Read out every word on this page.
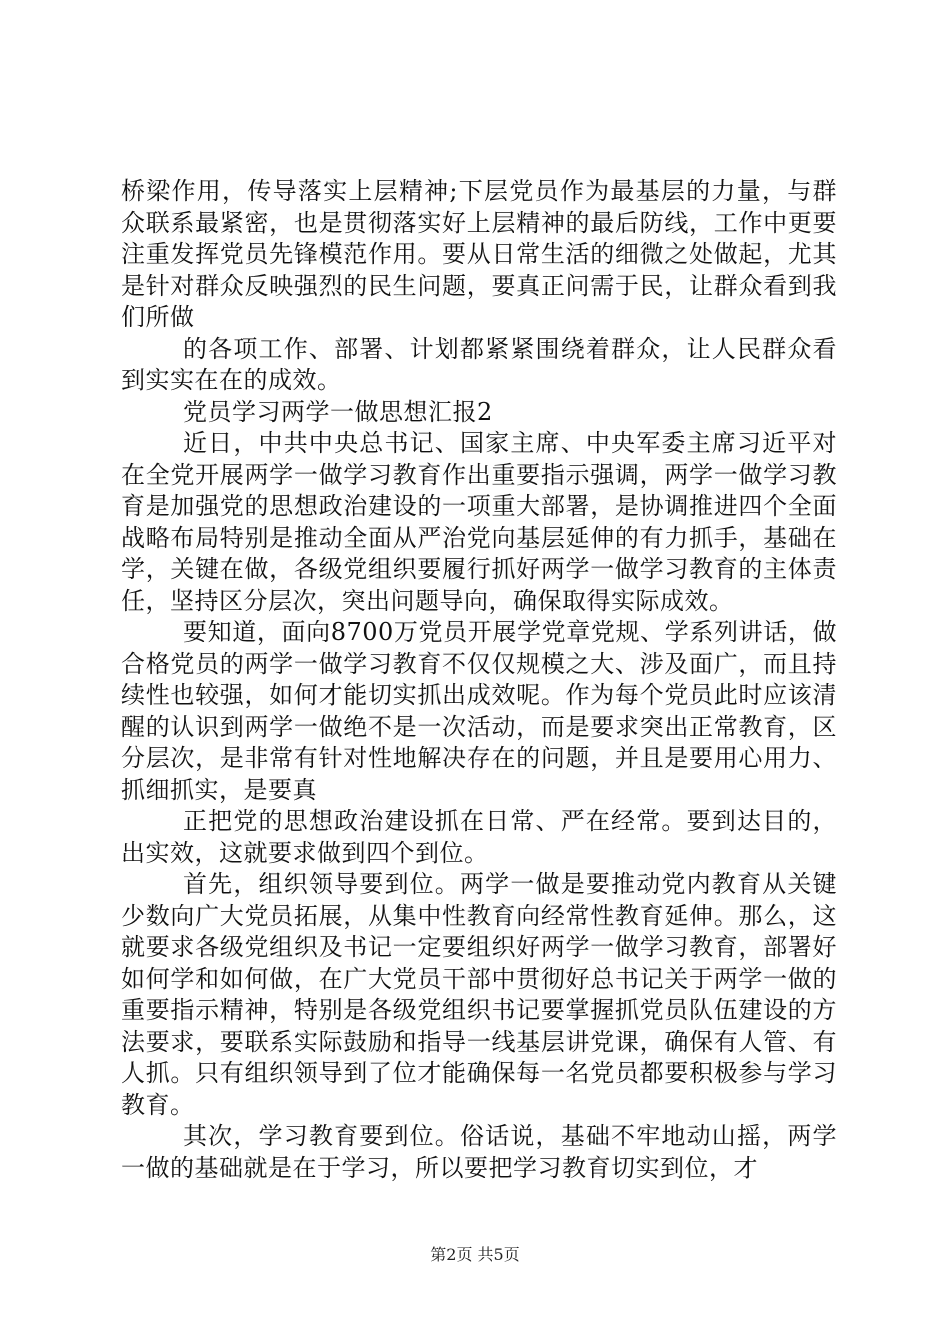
桥梁作用，传导落实上层精神;下层党员作为最基层的力量，与群众联系最紧密，也是贯彻落实好上层精神的最后防线，工作中更要注重发挥党员先锋模范作用。要从日常生活的细微之处做起，尤其是针对群众反映强烈的民生问题，要真正问需于民，让群众看到我们所做

的各项工作、部署、计划都紧紧围绕着群众，让人民群众看到实实在在的成效。

党员学习两学一做思想汇报2

近日，中共中央总书记、国家主席、中央军委主席习近平对在全党开展两学一做学习教育作出重要指示强调，两学一做学习教育是加强党的思想政治建设的一项重大部署，是协调推进四个全面战略布局特别是推动全面从严治党向基层延伸的有力抓手，基础在学，关键在做，各级党组织要履行抓好两学一做学习教育的主体责任，坚持区分层次，突出问题导向，确保取得实际成效。

要知道，面向8700万党员开展学党章党规、学系列讲话，做合格党员的两学一做学习教育不仅仅规模之大、涉及面广，而且持续性也较强，如何才能切实抓出成效呢。作为每个党员此时应该清醒的认识到两学一做绝不是一次活动，而是要求突出正常教育，区分层次，是非常有针对性地解决存在的问题，并且是要用心用力、抓细抓实，是要真

正把党的思想政治建设抓在日常、严在经常。要到达目的，出实效，这就要求做到四个到位。

首先，组织领导要到位。两学一做是要推动党内教育从关键少数向广大党员拓展，从集中性教育向经常性教育延伸。那么，这就要求各级党组织及书记一定要组织好两学一做学习教育，部署好如何学和如何做，在广大党员干部中贯彻好总书记关于两学一做的重要指示精神，特别是各级党组织书记要掌握抓党员队伍建设的方法要求，要联系实际鼓励和指导一线基层讲党课，确保有人管、有人抓。只有组织领导到了位才能确保每一名党员都要积极参与学习教育。

其次，学习教育要到位。俗话说，基础不牢地动山摇，两学一做的基础就是在于学习，所以要把学习教育切实到位，才

第2页 共5页
